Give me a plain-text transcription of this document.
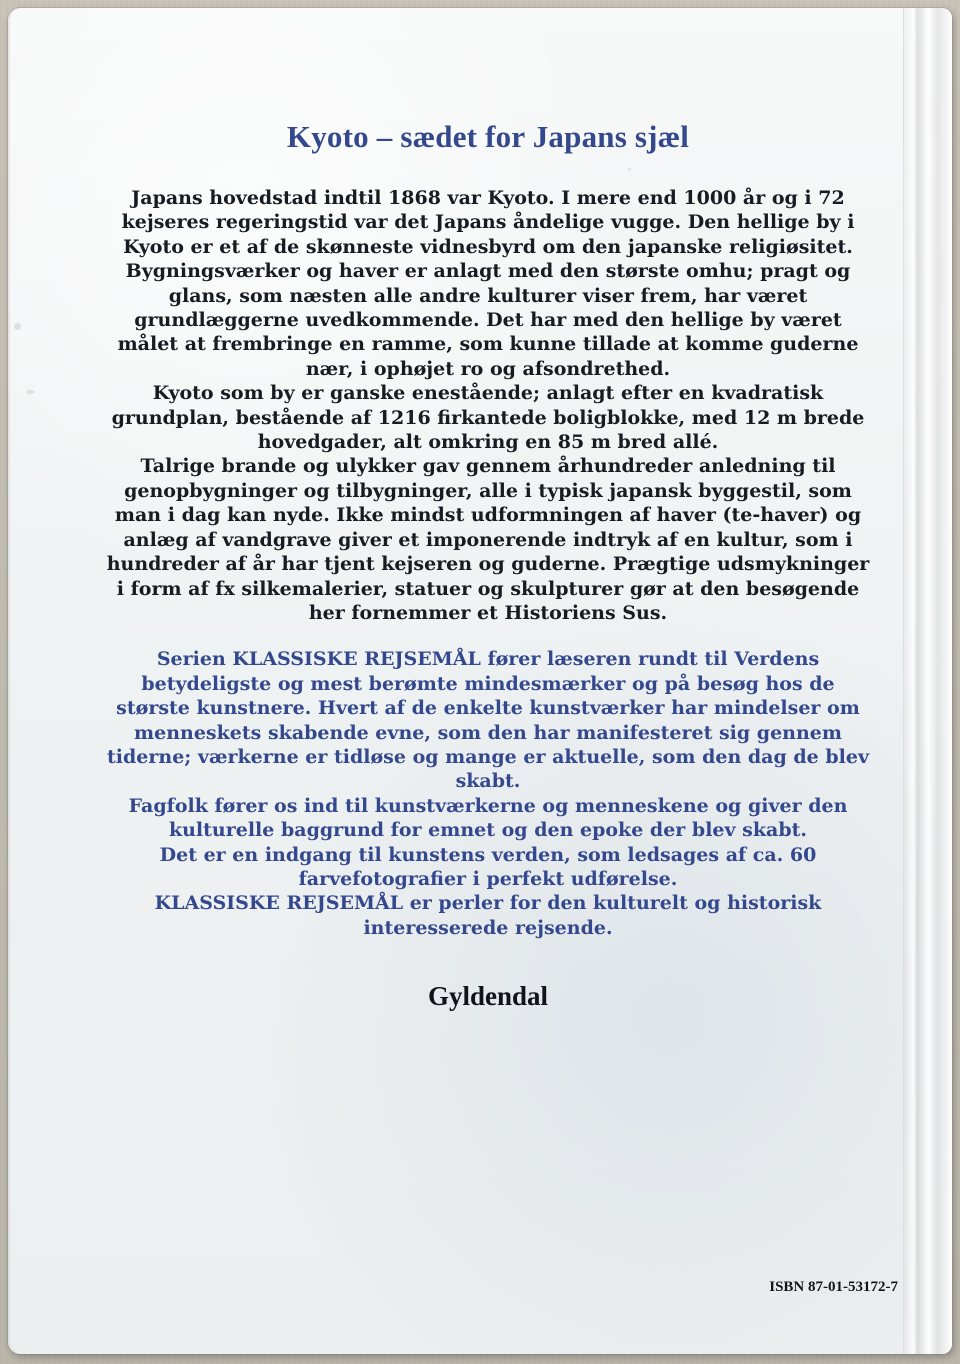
Kyoto – sædet for Japans sjæl

Japans hovedstad indtil 1868 var Kyoto. I mere end 1000 år og i 72 kejseres regeringstid var det Japans åndelige vugge. Den hellige by i Kyoto er et af de skønneste vidnesbyrd om den japanske religiøsitet.

Bygningsværker og haver er anlagt med den største omhu; pragt og glans, som næsten alle andre kulturer viser frem, har været grundlæggerne uvedkommende. Det har med den hellige by været målet at frembringe en ramme, som kunne tillade at komme guderne nær, i ophøjet ro og afsondrethed.

Kyoto som by er ganske enestående; anlagt efter en kvadratisk grundplan, bestående af 1216 firkantede boligblokke, med 12 m brede hovedgader, alt omkring en 85 m bred allé.

Talrige brande og ulykker gav gennem århundreder anledning til genopbygninger og tilbygninger, alle i typisk japansk byggestil, som man i dag kan nyde. Ikke mindst udformningen af haver (te-haver) og anlæg af vandgrave giver et imponerende indtryk af en kultur, som i hundreder af år har tjent kejseren og guderne. Prægtige udsmykninger i form af fx silkemalerier, statuer og skulpturer gør at den besøgende her fornemmer et Historiens Sus.

Serien KLASSISKE REJSEMÅL fører læseren rundt til Verdens betydeligste og mest berømte mindesmærker og på besøg hos de største kunstnere. Hvert af de enkelte kunstværker har mindelser om menneskets skabende evne, som den har manifesteret sig gennem tiderne; værkerne er tidløse og mange er aktuelle, som den dag de blev skabt.

Fagfolk fører os ind til kunstværkerne og menneskene og giver den kulturelle baggrund for emnet og den epoke der blev skabt.

Det er en indgang til kunstens verden, som ledsages af ca. 60 farvefotografier i perfekt udførelse.

KLASSISKE REJSEMÅL er perler for den kulturelt og historisk interesserede rejsende.

Gyldendal
ISBN 87-01-53172-7
